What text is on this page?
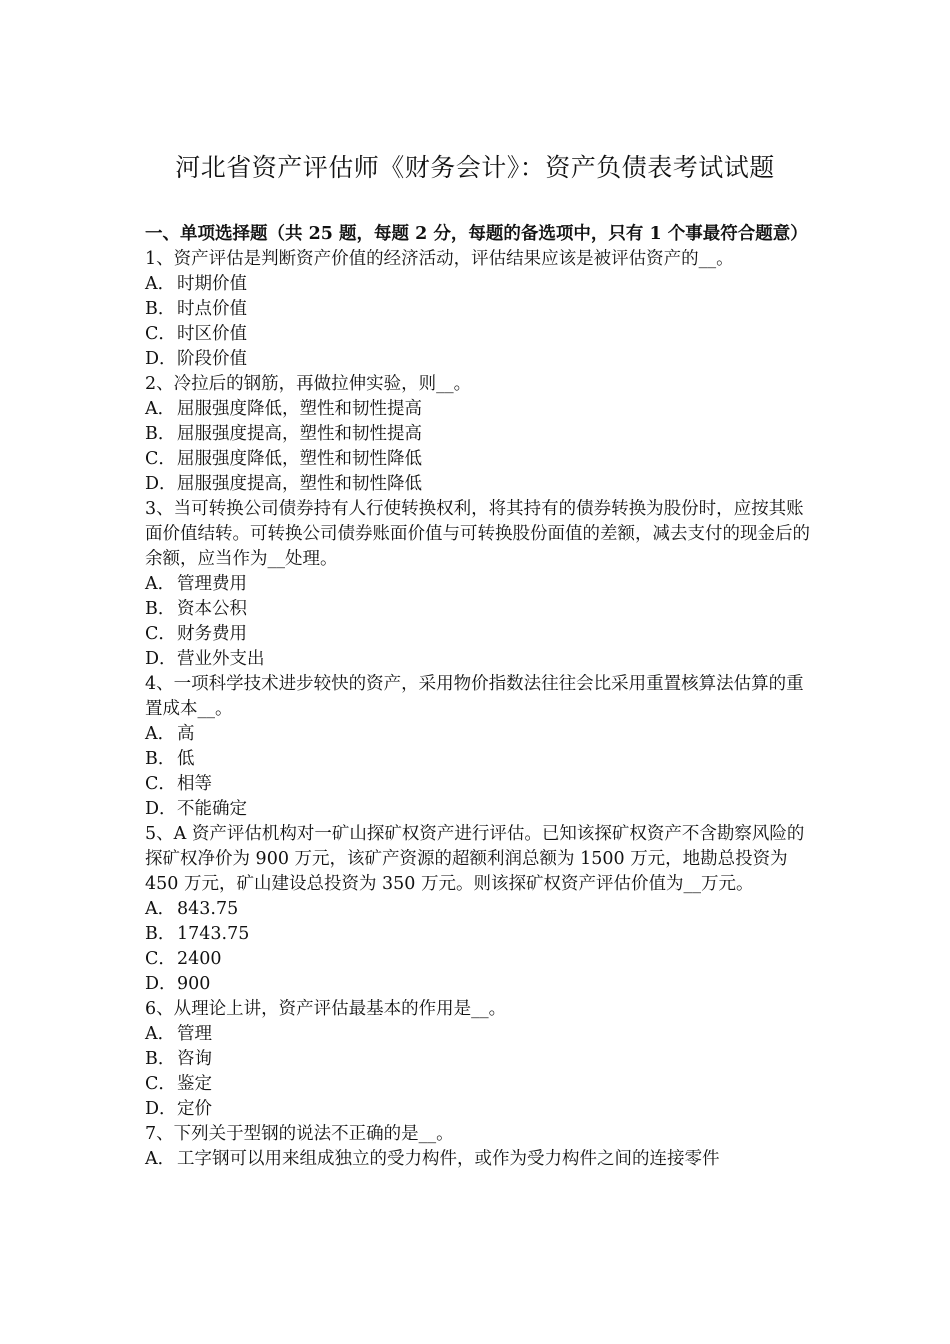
河北省资产评估师《财务会计》：资产负债表考试试题

一、单项选择题（共 25 题，每题 2 分，每题的备选项中，只有 1 个事最符合题意）

1、资产评估是判断资产价值的经济活动，评估结果应该是被评估资产的__。

A． 时期价值

B．时点价值

C．时区价值

D．阶段价值

2、冷拉后的钢筋，再做拉伸实验，则__。

A． 屈服强度降低，塑性和韧性提高

B．屈服强度提高，塑性和韧性提高

C．屈服强度降低，塑性和韧性降低

D．屈服强度提高，塑性和韧性降低

3、当可转换公司债券持有人行使转换权利，将其持有的债券转换为股份时，应按其账面价值结转。可转换公司债券账面价值与可转换股份面值的差额，减去支付的现金后的余额，应当作为__处理。

A． 管理费用

B．资本公积

C．财务费用

D．营业外支出

4、一项科学技术进步较快的资产，采用物价指数法往往会比采用重置核算法估算的重置成本__。

A． 高

B．低

C．相等

D．不能确定

5、A 资产评估机构对一矿山探矿权资产进行评估。已知该探矿权资产不含勘察风险的探矿权净价为 900 万元，该矿产资源的超额利润总额为 1500 万元，地勘总投资为 450 万元，矿山建设总投资为 350 万元。则该探矿权资产评估价值为__万元。

A． 843.75

B．1743.75

C．2400

D．900

6、从理论上讲，资产评估最基本的作用是__。

A． 管理

B．咨询

C．鉴定

D．定价

7、下列关于型钢的说法不正确的是__。

A． 工字钢可以用来组成独立的受力构件，或作为受力构件之间的连接零件
